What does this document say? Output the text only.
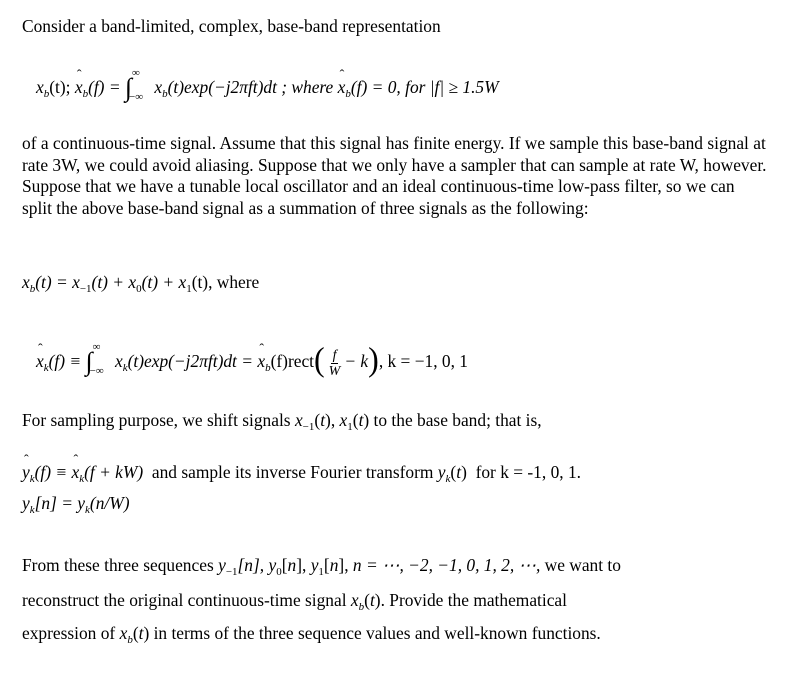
Consider a band-limited, complex, base-band representation
$x_b(t)$; ˆ $x_b(f)$ = ∫ ∞
−∞ $x_b(t)\exp(-j2\pi ft)dt$ ; where ˆ $x_b(f) = 0$, for |f| ≥ 1.5W
of a continuous-time signal. Assume that this signal has finite energy. If we sample this base-band signal at rate 3W, we could avoid aliasing. Suppose that we only have a sampler that can sample at rate W, however. Suppose that we have a tunable local oscillator and an ideal continuous-time low-pass filter, so we can split the above base-band signal as a summation of three signals as the following:
$x_b(t) = x_{-1}(t) + x_0(t) + x_1(t)$, where
ˆ $x_k(f)$ ≡ ∫ ∞
−∞ $x_k(t)\exp(-j2\pi ft)dt$ = ˆ $x_b(f)rect( \frac{f}{W} - k)$, k = −1, 0, 1
For sampling purpose, we shift signals $x_{-1}(t)$, $x_1(t)$ to the base band; that is,
ˆ $y_k(f)$ ≡ ˆ $x_k(f + kW)$ and sample its inverse Fourier transform $y_k(t)$  for k = -1, 0, 1.
$y_k[n] = y_k(n/W)$
From these three sequences $y_{-1}[n]$, $y_0[n]$, $y_1[n]$, n = ⋯, −2, −1, 0, 1, 2, ⋯, we want to
reconstruct the original continuous-time signal $x_b(t)$. Provide the mathematical
expression of $x_b(t)$ in terms of the three sequence values and well-known functions.
